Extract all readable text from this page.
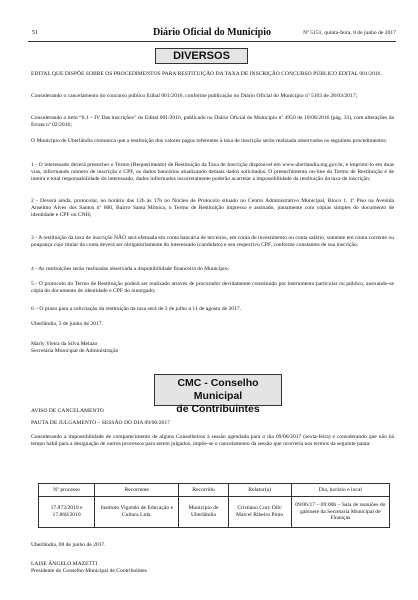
51	Diário Oficial do Município	Nº 5151, quinta-feira, 8 de junho de 2017
DIVERSOS

EDITAL QUE DISPÕE SOBRE OS PROCEDIMENTOS PARA RESTITUIÇÃO DA TAXA DE INSCRIÇÃO CONCURSO PÚBLICO EDITAL 001/2016.

Considerando o cancelamento do concurso público Edital 001/2016, conforme publicação no Diário Oficial do Município nº 5103 de 28/03/2017;

Considerando o item “6.1 – IV Das inscrições” do Edital 001/2016, publicado no Diário Oficial do Município nº 4950 de 10/08/2016 (pág. 33), com alterações da Errata nº 02/2016;

O Município de Uberlândia comunica que a restituição dos valores pagos referentes à taxa de inscrição serão realizada observados os seguintes procedimentos:

1 - O interessado deverá preencher o Termo (Requerimento) de Restituição da Taxa de Inscrição disponível em www.uberlandia.mg.gov.br, e imprimi-lo em duas vias, informando número de inscrição e CPF, os dados bancários atualizando demais dados solicitados. O preenchimento on-line do Termo de Restituição é de inteira e total responsabilidade do interessado, dados informados incorretamente poderão acarretar a impossibilidade da restituição da taxa de inscrição;

2 - Deverá ainda, protocolar, no horário das 12h às 17h no Núcleo de Protocolo situado no Centro Administrativo Municipal, Bloco 1, 1º Piso na Avenida Anselmo Alves dos Santos nº 600, Bairro Santa Mônica, o Termo de Restituição impresso e assinado, juntamente com cópias simples do documento de identidade e CPF ou CNH;

3 - A restituição da taxa de inscrição NÃO será efetuada em conta bancária de terceiros, em conta de investimento ou conta salário, somente em conta corrente ou poupança cujo titular da conta deverá ser obrigatoriamente do interessado (candidato) e seu respectivo CPF, conforme constantes de sua inscrição.

4 - As restituições serão realizadas observada a disponibilidade financeira do Município;

5 - O protocolo do Termo de Restituição poderá ser realizado através de procurador devidamente constituído por instrumento particular ou público, anexando-se cópia do documento de identidade e CPF do outorgado;

6 – O prazo para a solicitação da restituição da taxa será de 3 de julho a 11 de agosto de 2017.

Uberlândia, 3 de junho de 2017.

Marly Vieira da Silva Melazo

Secretária Municipal de Administração

CMC - Conselho Municipal
de Contribuintes

AVISO DE CANCELAMENTO

PAUTA DE JULGAMENTO – SESSÃO DO DIA 09/06/2017

Considerando a impossibilidade de comparecimento de alguns Conselheiros à sessão agendada para o dia 09/06/2017 (sexta-feira) e considerando que não há tempo hábil para a designação de outros processos para serem julgados, impõe-se o cancelamento da sessão que ocorreria nos termos da seguinte pauta:

Nº processo	Recorrente	Recorrido	Relator(a)	Dia, horário e local
17.873/2010 e 17.868/2010	Instituto Vigotski de Educação e Cultura Ltda.	Município de Uberlândia	Cristiano Cury Dib/ Marcel Ribeiro Pinto	09/06/17 – 09:00h – Sala de reuniões do gabinete da Secretaria Municipal de Finanças

Uberlândia, 08 de junho de 2017.

LAISE ÂNGELO MAZETTI

Presidente do Conselho Municipal de Contribuintes
